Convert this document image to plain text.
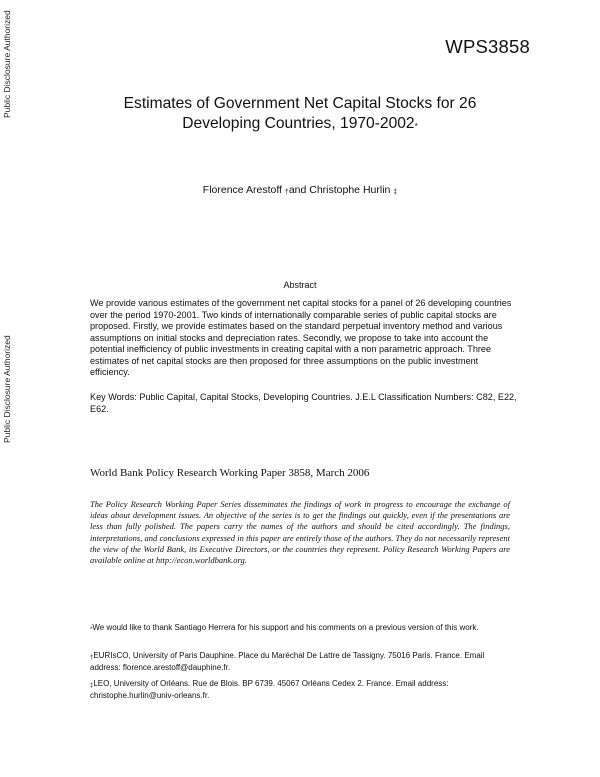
Public Disclosure Authorized
Public Disclosure Authorized
WPS3858
Estimates of Government Net Capital Stocks for 26
Developing Countries, 1970-2002*
Florence Arestoff †and Christophe Hurlin ‡
Abstract
We provide various estimates of the government net capital stocks for a panel of 26 developing countries over the period 1970-2001. Two kinds of internationally comparable series of public capital stocks are proposed. Firstly, we provide estimates based on the standard perpetual inventory method and various assumptions on initial stocks and depreciation rates. Secondly, we propose to take into account the potential inefficiency of public investments in creating capital with a non parametric approach. Three estimates of net capital stocks are then proposed for three assumptions on the public investment efficiency.
Key Words: Public Capital, Capital Stocks, Developing Countries. J.E.L Classification Numbers: C82, E22, E62.
World Bank Policy Research Working Paper 3858, March 2006
The Policy Research Working Paper Series disseminates the findings of work in progress to encourage the exchange of ideas about development issues. An objective of the series is to get the findings out quickly, even if the presentations are less than fully polished. The papers carry the names of the authors and should be cited accordingly. The findings, interpretations, and conclusions expressed in this paper are entirely those of the authors. They do not necessarily represent the view of the World Bank, its Executive Directors, or the countries they represent. Policy Research Working Papers are available online at http://econ.worldbank.org.
*We would like to thank Santiago Herrera for his support and his comments on a previous version of this work.
†EURIsCO, University of Paris Dauphine. Place du Maréchal De Lattre de Tassigny. 75016 Paris. France. Email address: florence.arestoff@dauphine.fr.
‡LEO, University of Orléans. Rue de Blois. BP 6739. 45067 Orléans Cedex 2. France. Email address: christophe.hurlin@univ-orleans.fr.
